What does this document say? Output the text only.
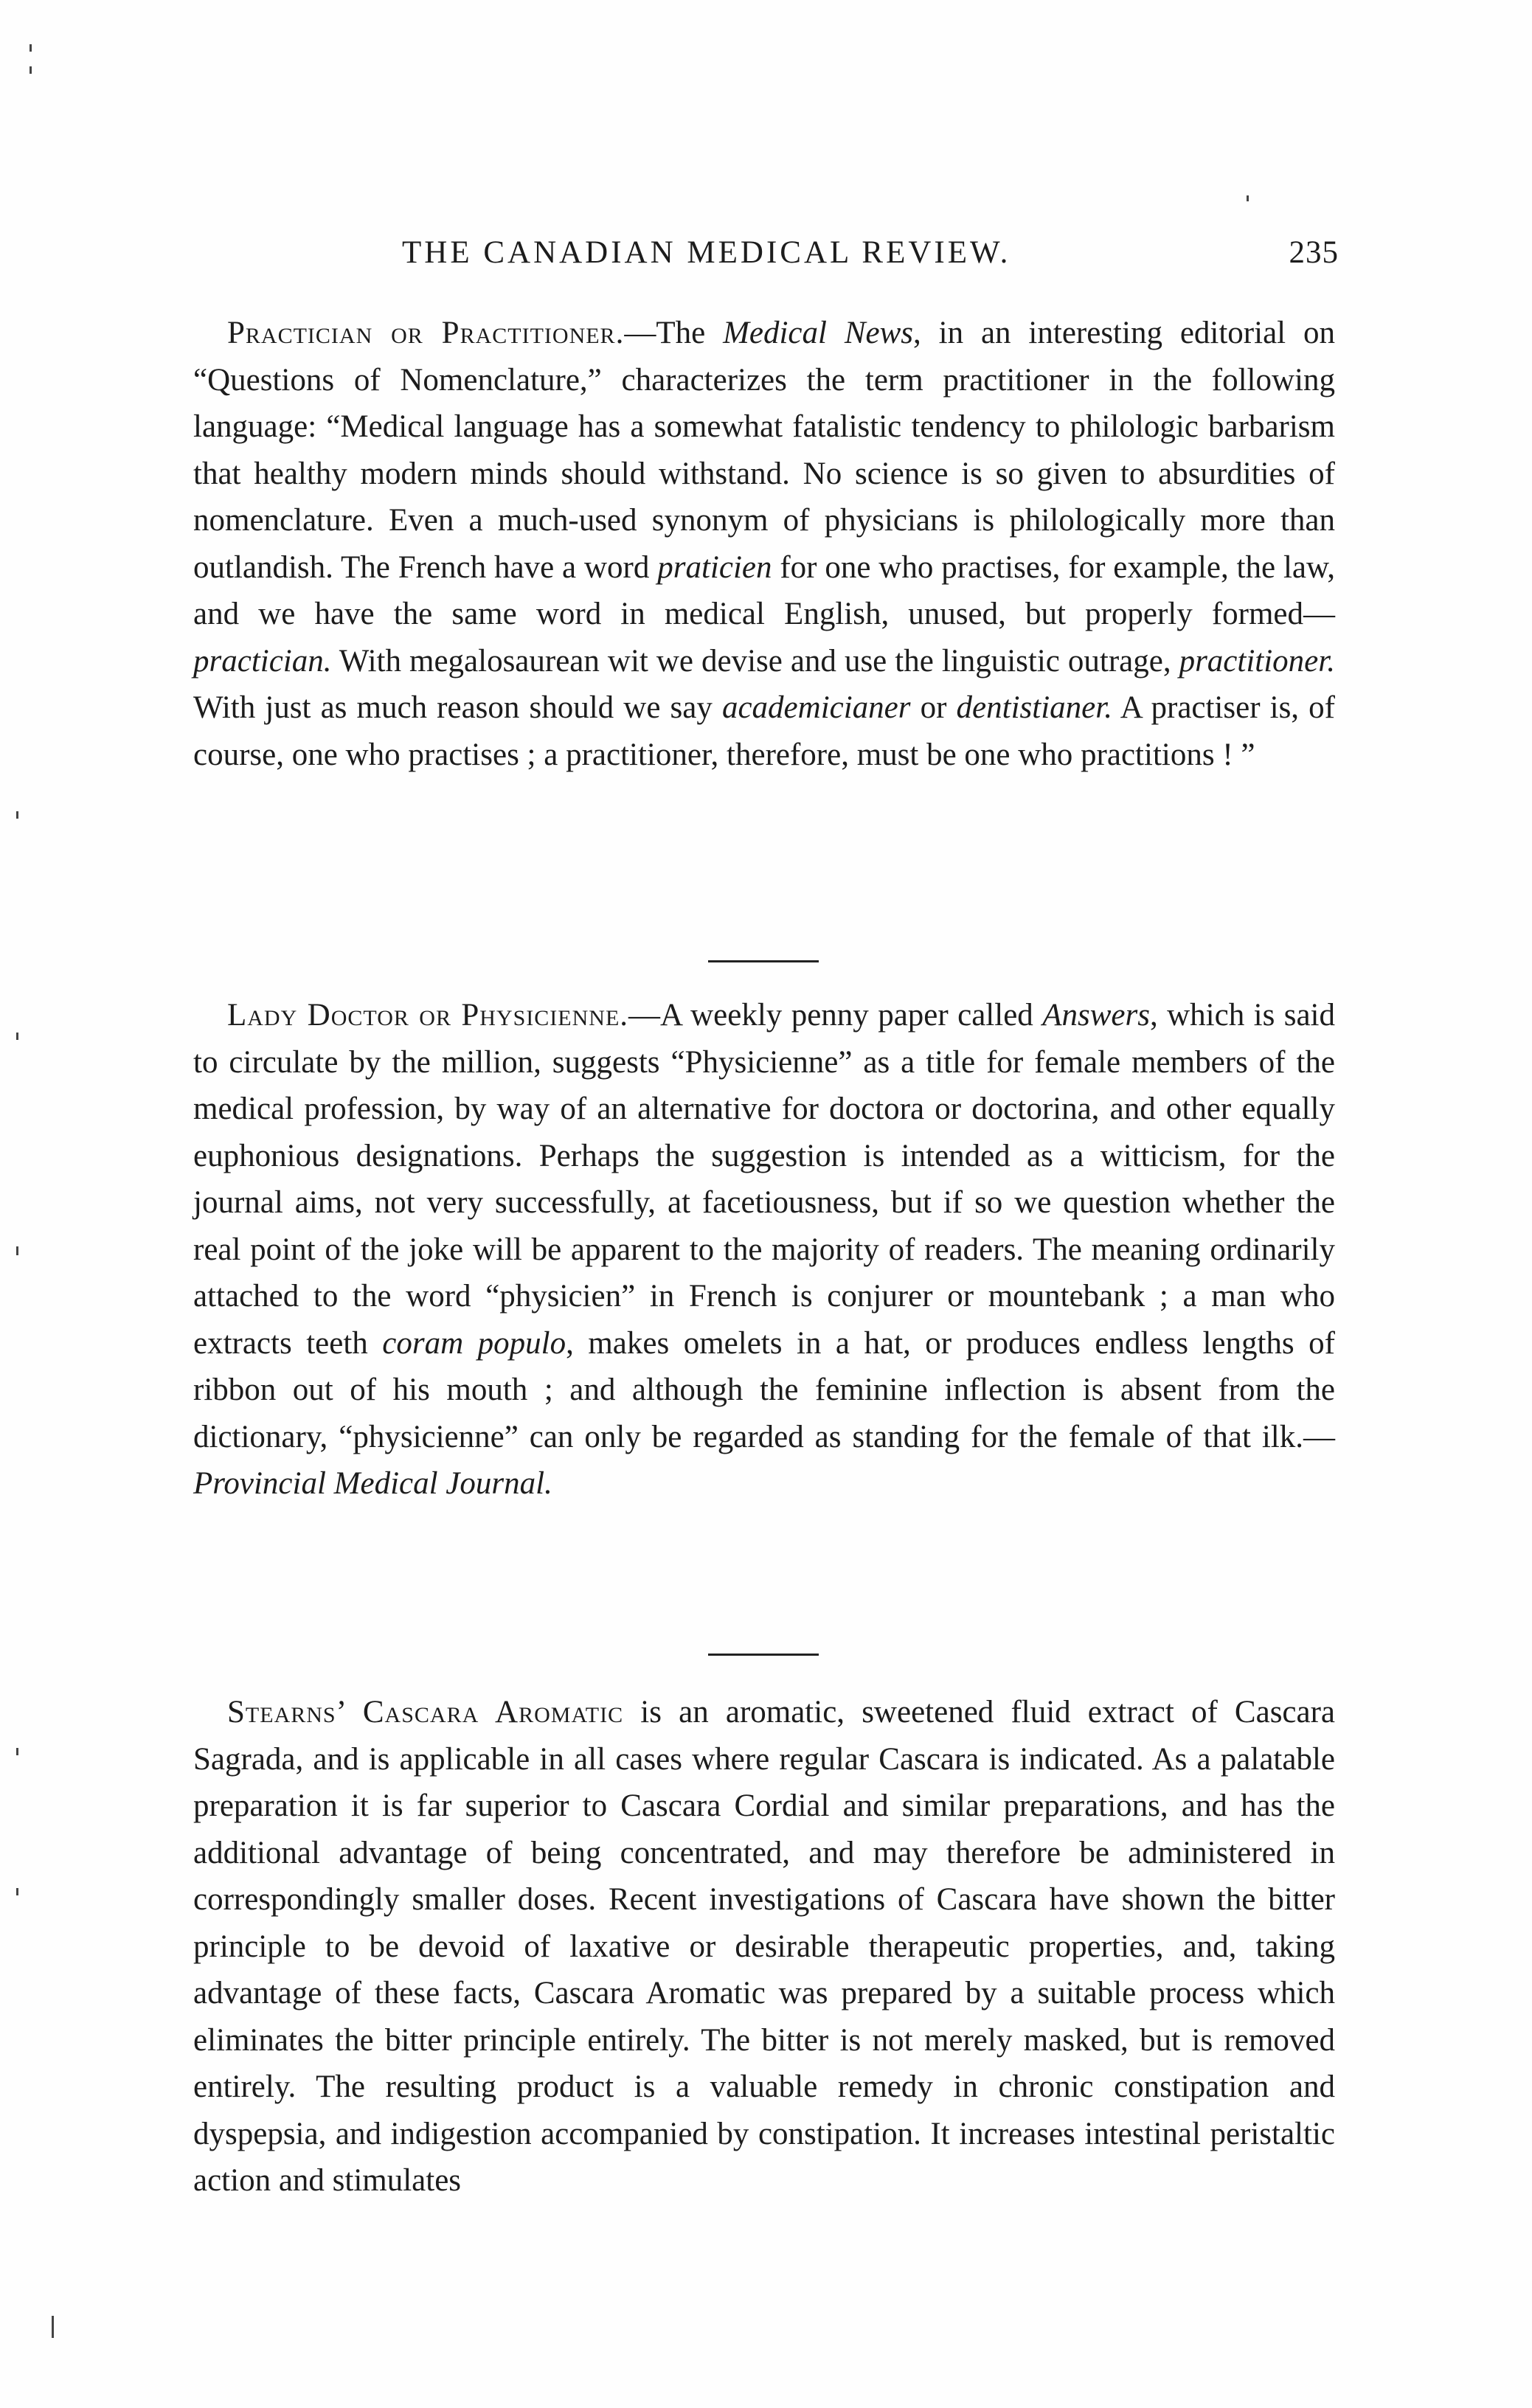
THE CANADIAN MEDICAL REVIEW.	235

Practician or Practitioner.—The Medical News, in an interesting editorial on “Questions of Nomenclature,” characterizes the term practitioner in the following language: “Medical language has a somewhat fatalistic tendency to philologic barbarism that healthy modern minds should withstand. No science is so given to absurdities of nomenclature. Even a much-used synonym of physicians is philologically more than outlandish. The French have a word praticien for one who practises, for example, the law, and we have the same word in medical English, unused, but properly formed—practician. With megalosaurean wit we devise and use the linguistic outrage, practitioner. With just as much reason should we say academicianer or dentistianer. A practiser is, of course, one who practises ; a practitioner, therefore, must be one who practitions ! ”

Lady Doctor or Physicienne.—A weekly penny paper called Answers, which is said to circulate by the million, suggests “Physicienne” as a title for female members of the medical profession, by way of an alternative for doctora or doctorina, and other equally euphonious designations. Perhaps the suggestion is intended as a witticism, for the journal aims, not very successfully, at facetiousness, but if so we question whether the real point of the joke will be apparent to the majority of readers. The meaning ordinarily attached to the word “physicien” in French is conjurer or mountebank ; a man who extracts teeth coram populo, makes omelets in a hat, or produces endless lengths of ribbon out of his mouth ; and although the feminine inflection is absent from the dictionary, “physicienne” can only be regarded as standing for the female of that ilk.—Provincial Medical Journal.

Stearns’ Cascara Aromatic is an aromatic, sweetened fluid extract of Cascara Sagrada, and is applicable in all cases where regular Cascara is indicated. As a palatable preparation it is far superior to Cascara Cordial and similar preparations, and has the additional advantage of being concentrated, and may therefore be administered in correspondingly smaller doses. Recent investigations of Cascara have shown the bitter principle to be devoid of laxative or desirable therapeutic properties, and, taking advantage of these facts, Cascara Aromatic was prepared by a suitable process which eliminates the bitter principle entirely. The bitter is not merely masked, but is removed entirely. The resulting product is a valuable remedy in chronic constipation and dyspepsia, and indigestion accompanied by constipation. It increases intestinal peristaltic action and stimulates
